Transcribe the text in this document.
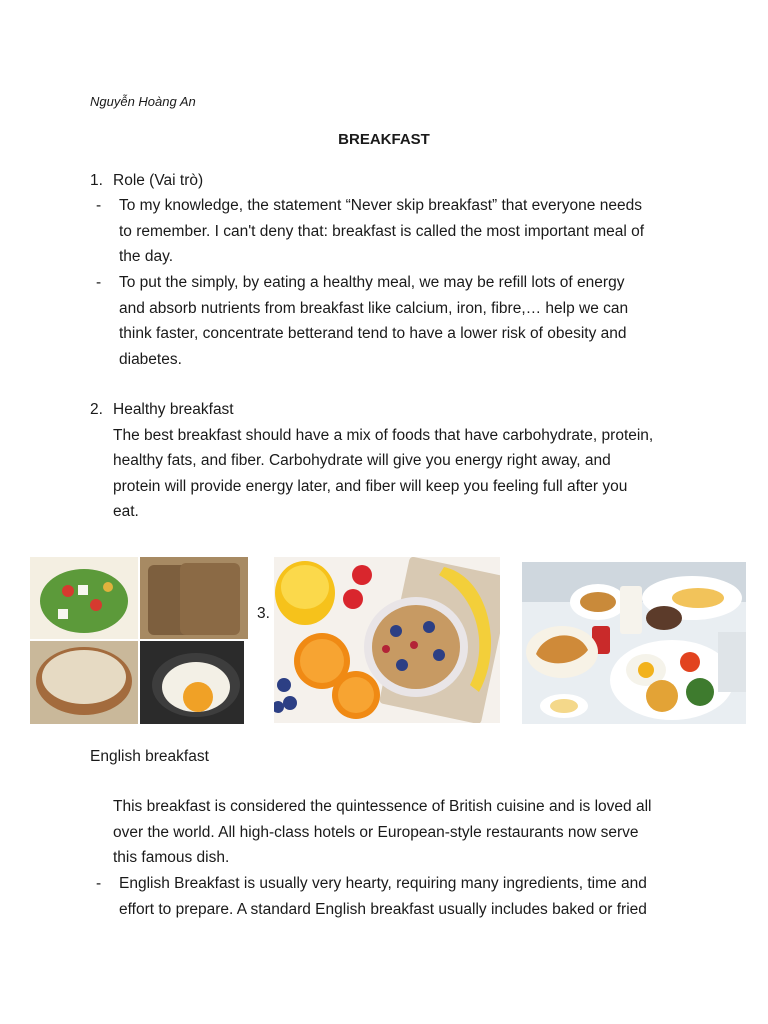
Nguyễn Hoàng An
BREAKFAST
1. Role (Vai trò)
-	To my knowledge, the statement “Never skip breakfast” that everyone needs
to remember. I can't deny that: breakfast is called the most important meal of
the day.
-	To put the simply, by eating a healthy meal, we may be refill lots of energy
and absorb nutrients from breakfast like calcium, iron, fibre,… help we can
think faster, concentrate betterand tend to have a lower risk of obesity and
diabetes.
2. Healthy breakfast
The best breakfast should have a mix of foods that have carbohydrate, protein,
healthy fats, and fiber. Carbohydrate will give you energy right away, and
protein will provide energy later, and fiber will keep you feeling full after you
eat.
3.
English breakfast
This breakfast is considered the quintessence of British cuisine and is loved all
over the world. All high-class hotels or European-style restaurants now serve
this famous dish.
-	English Breakfast is usually very hearty, requiring many ingredients, time and
effort to prepare. A standard English breakfast usually includes baked or fried
